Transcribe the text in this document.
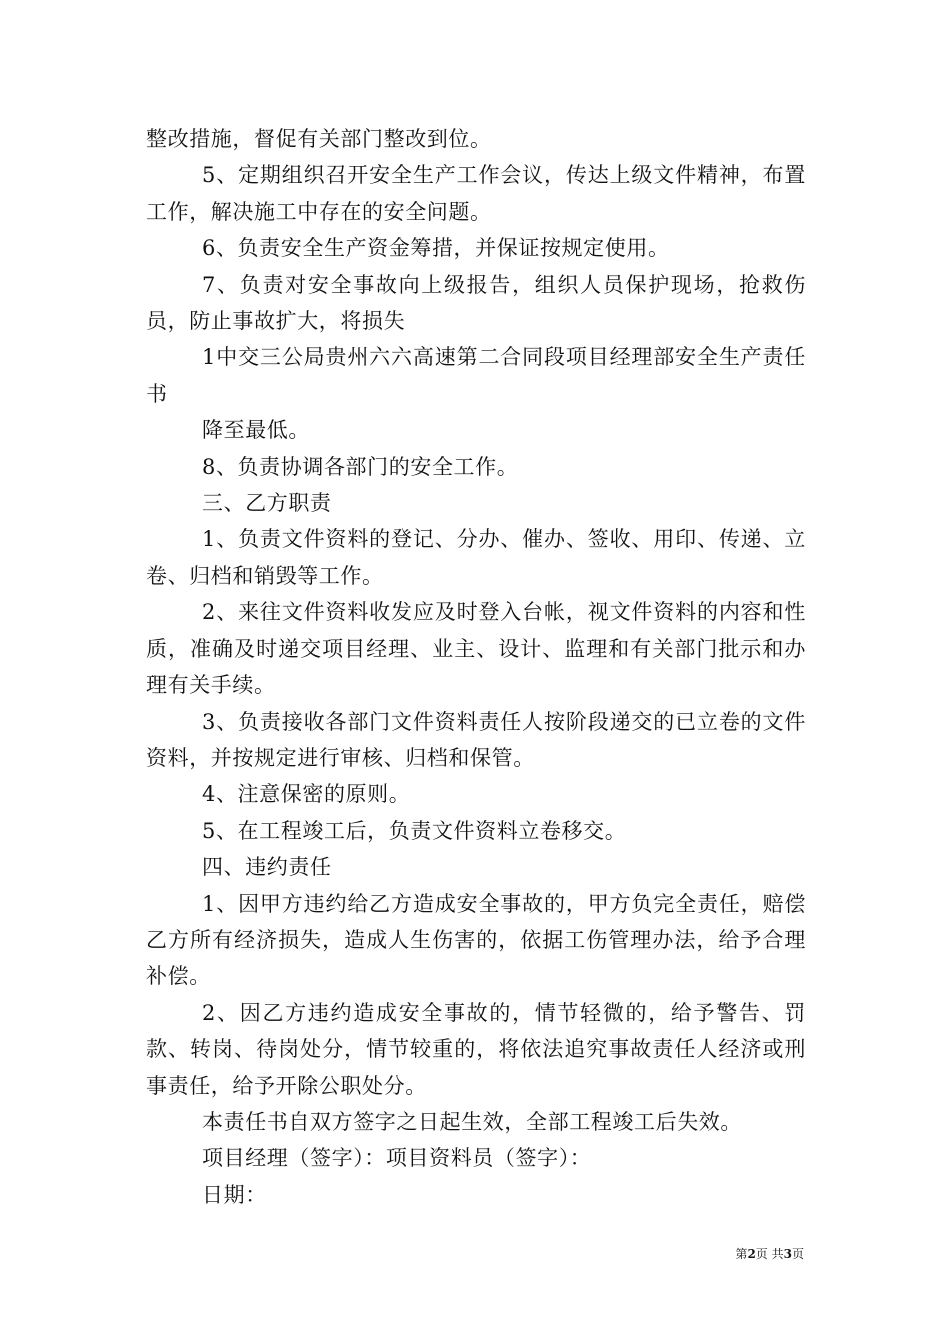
整改措施，督促有关部门整改到位。

5、定期组织召开安全生产工作会议，传达上级文件精神，布置工作，解决施工中存在的安全问题。

6、负责安全生产资金筹措，并保证按规定使用。

7、负责对安全事故向上级报告，组织人员保护现场，抢救伤员，防止事故扩大，将损失

1中交三公局贵州六六高速第二合同段项目经理部安全生产责任书

降至最低。

8、负责协调各部门的安全工作。

三、乙方职责

1、负责文件资料的登记、分办、催办、签收、用印、传递、立卷、归档和销毁等工作。

2、来往文件资料收发应及时登入台帐，视文件资料的内容和性质，准确及时递交项目经理、业主、设计、监理和有关部门批示和办理有关手续。

3、负责接收各部门文件资料责任人按阶段递交的已立卷的文件资料，并按规定进行审核、归档和保管。

4、注意保密的原则。

5、在工程竣工后，负责文件资料立卷移交。

四、违约责任

1、因甲方违约给乙方造成安全事故的，甲方负完全责任，赔偿乙方所有经济损失，造成人生伤害的，依据工伤管理办法，给予合理补偿。

2、因乙方违约造成安全事故的，情节轻微的，给予警告、罚款、转岗、待岗处分，情节较重的，将依法追究事故责任人经济或刑事责任，给予开除公职处分。

本责任书自双方签字之日起生效，全部工程竣工后失效。

项目经理（签字）：项目资料员（签字）：

日期：

第2页 共3页
